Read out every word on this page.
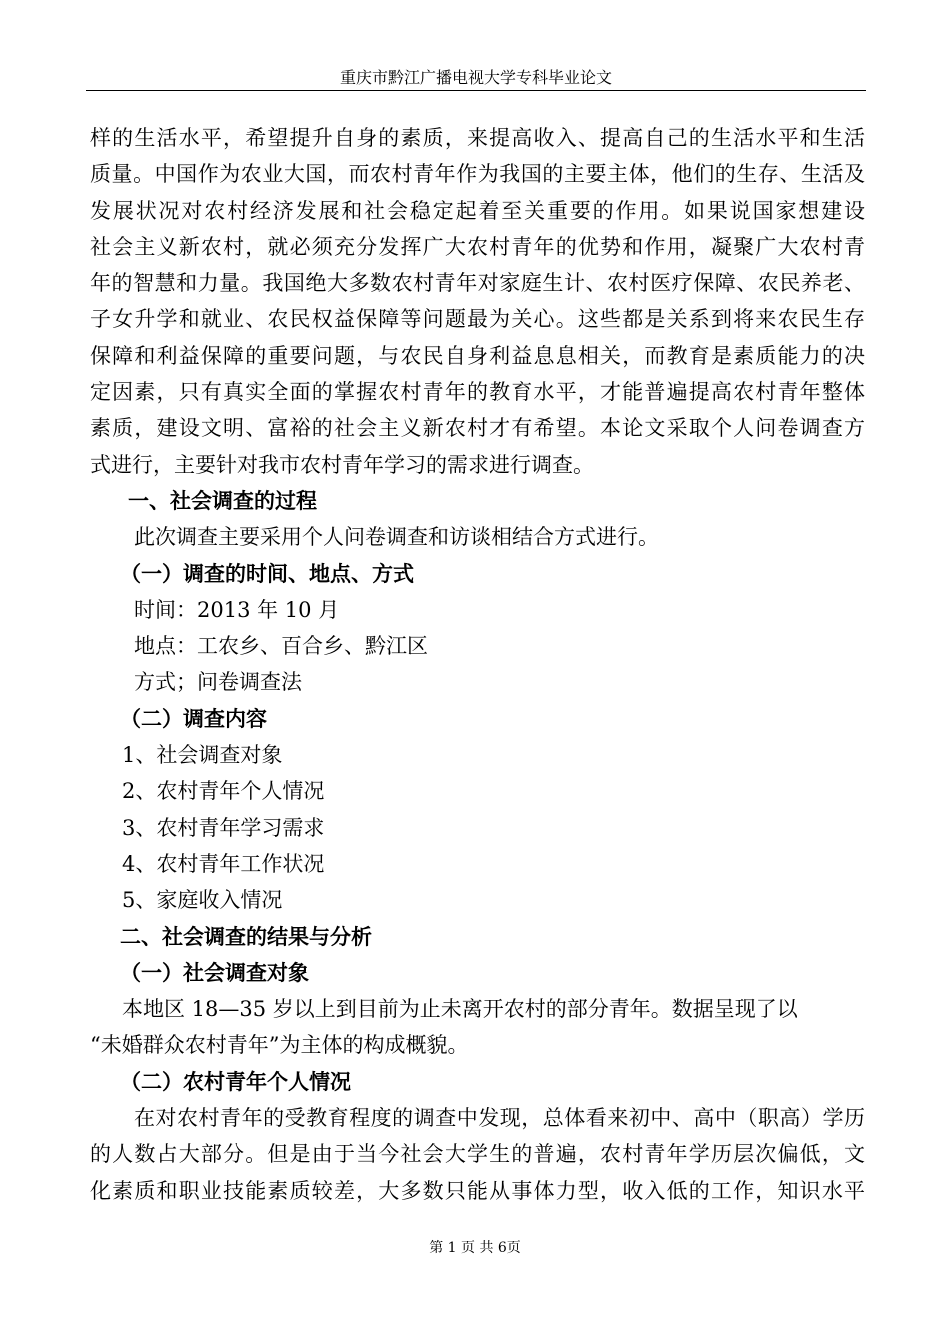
重庆市黔江广播电视大学专科毕业论文
样的生活水平，希望提升自身的素质，来提高收入、提高自己的生活水平和生活
质量。中国作为农业大国，而农村青年作为我国的主要主体，他们的生存、生活及
发展状况对农村经济发展和社会稳定起着至关重要的作用。如果说国家想建设
社会主义新农村，就必须充分发挥广大农村青年的优势和作用，凝聚广大农村青
年的智慧和力量。我国绝大多数农村青年对家庭生计、农村医疗保障、农民养老、
子女升学和就业、农民权益保障等问题最为关心。这些都是关系到将来农民生存
保障和利益保障的重要问题，与农民自身利益息息相关，而教育是素质能力的决
定因素，只有真实全面的掌握农村青年的教育水平，才能普遍提高农村青年整体
素质，建设文明、富裕的社会主义新农村才有希望。本论文采取个人问卷调查方
式进行，主要针对我市农村青年学习的需求进行调查。
一、社会调查的过程
此次调查主要采用个人问卷调查和访谈相结合方式进行。
（一）调查的时间、地点、方式
时间：2013 年 10 月
地点：工农乡、百合乡、黔江区
方式；问卷调查法
（二）调查内容
1、社会调查对象
2、农村青年个人情况
3、农村青年学习需求
4、农村青年工作状况
5、家庭收入情况
二、社会调查的结果与分析
（一）社会调查对象
本地区 18—35 岁以上到目前为止未离开农村的部分青年。数据呈现了以
“未婚群众农村青年”为主体的构成概貌。
（二）农村青年个人情况
在对农村青年的受教育程度的调查中发现，总体看来初中、高中（职高）学历
的人数占大部分。但是由于当今社会大学生的普遍，农村青年学历层次偏低，文
化素质和职业技能素质较差，大多数只能从事体力型，收入低的工作，知识水平
第 1 页 共 6页
